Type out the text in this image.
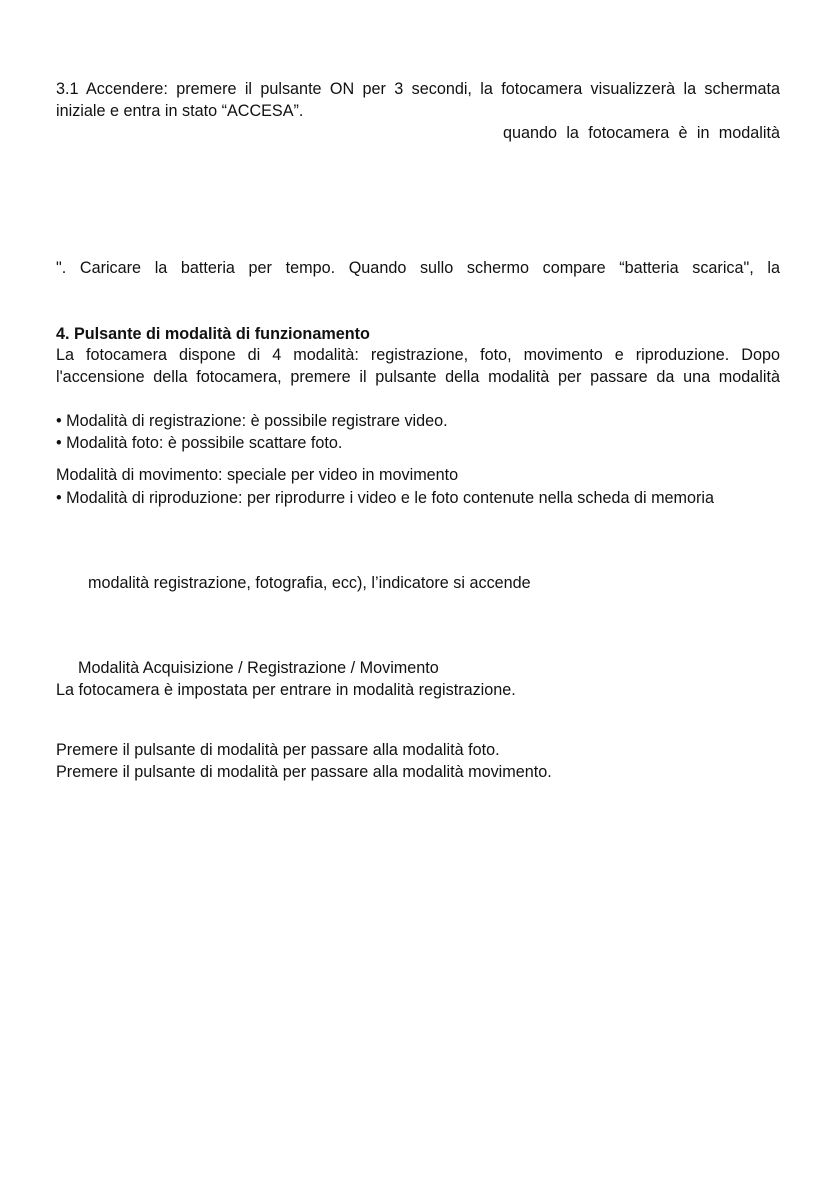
3.1 Accendere: premere il pulsante ON per 3 secondi, la fotocamera visualizzerà la schermata
iniziale e entra in stato “ACCESA”.
quando la fotocamera è in modalità
". Caricare la batteria per tempo. Quando sullo schermo compare “batteria scarica", la
4. Pulsante di modalità di funzionamento
La fotocamera dispone di 4 modalità: registrazione, foto, movimento e riproduzione. Dopo
l'accensione della fotocamera, premere il pulsante della modalità per passare da una modalità
• Modalità di registrazione: è possibile registrare video.
• Modalità foto: è possibile scattare foto.
Modalità di movimento: speciale per video in movimento
• Modalità di riproduzione: per riprodurre i video e le foto contenute nella scheda di memoria
modalità registrazione, fotografia, ecc), l’indicatore si accende
Modalità Acquisizione / Registrazione / Movimento
La fotocamera è impostata per entrare in modalità registrazione.
Premere il pulsante di modalità per passare alla modalità foto.
Premere il pulsante di modalità per passare alla modalità movimento.
